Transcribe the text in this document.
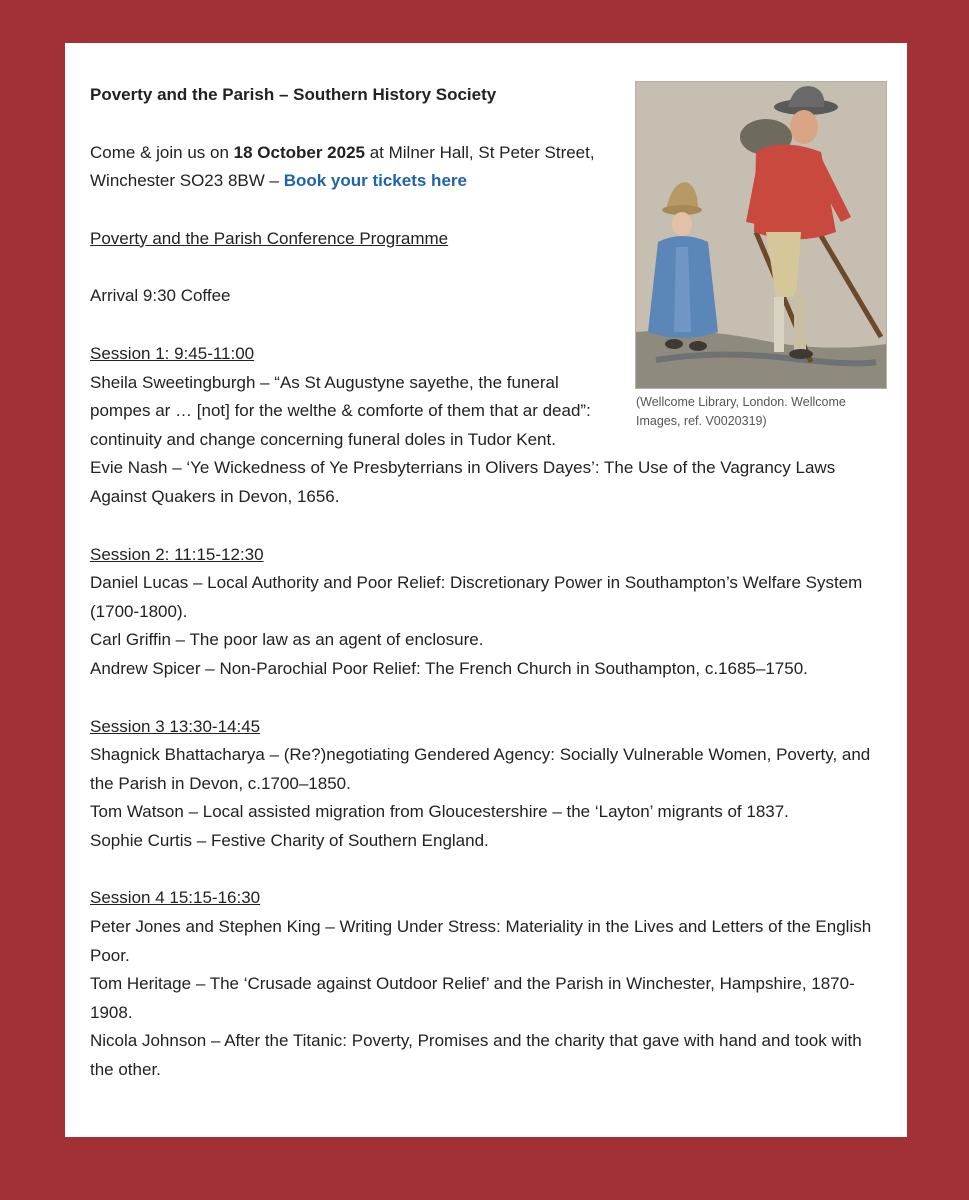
Poverty and the Parish – Southern History Society

Come & join us on 18 October 2025 at Milner Hall, St Peter Street, Winchester SO23 8BW – Book your tickets here

Poverty and the Parish Conference Programme

Arrival 9:30 Coffee

Session 1: 9:45-11:00

Sheila Sweetingburgh – “As St Augustyne sayethe, the funeral pompes ar … [not] for the welthe & comforte of them that ar dead”: continuity and change concerning funeral doles in Tudor Kent.

Evie Nash – ‘Ye Wickedness of Ye Presbyterrians in Olivers Dayes’: The Use of the Vagrancy Laws Against Quakers in Devon, 1656.

Session 2: 11:15-12:30

Daniel Lucas – Local Authority and Poor Relief: Discretionary Power in Southampton’s Welfare System (1700-1800).

Carl Griffin – The poor law as an agent of enclosure.

Andrew Spicer – Non-Parochial Poor Relief: The French Church in Southampton, c.1685–1750.

Session 3 13:30-14:45

Shagnick Bhattacharya – (Re?)negotiating Gendered Agency: Socially Vulnerable Women, Poverty, and the Parish in Devon, c.1700–1850.

Tom Watson – Local assisted migration from Gloucestershire – the ‘Layton’ migrants of 1837.

Sophie Curtis – Festive Charity of Southern England.

Session 4 15:15-16:30

Peter Jones and Stephen King – Writing Under Stress: Materiality in the Lives and Letters of the English Poor.

Tom Heritage – The ‘Crusade against Outdoor Relief’ and the Parish in Winchester, Hampshire, 1870-1908.

Nicola Johnson – After the Titanic: Poverty, Promises and the charity that gave with hand and took with the other.

(Wellcome Library, London. Wellcome Images, ref. V0020319)
